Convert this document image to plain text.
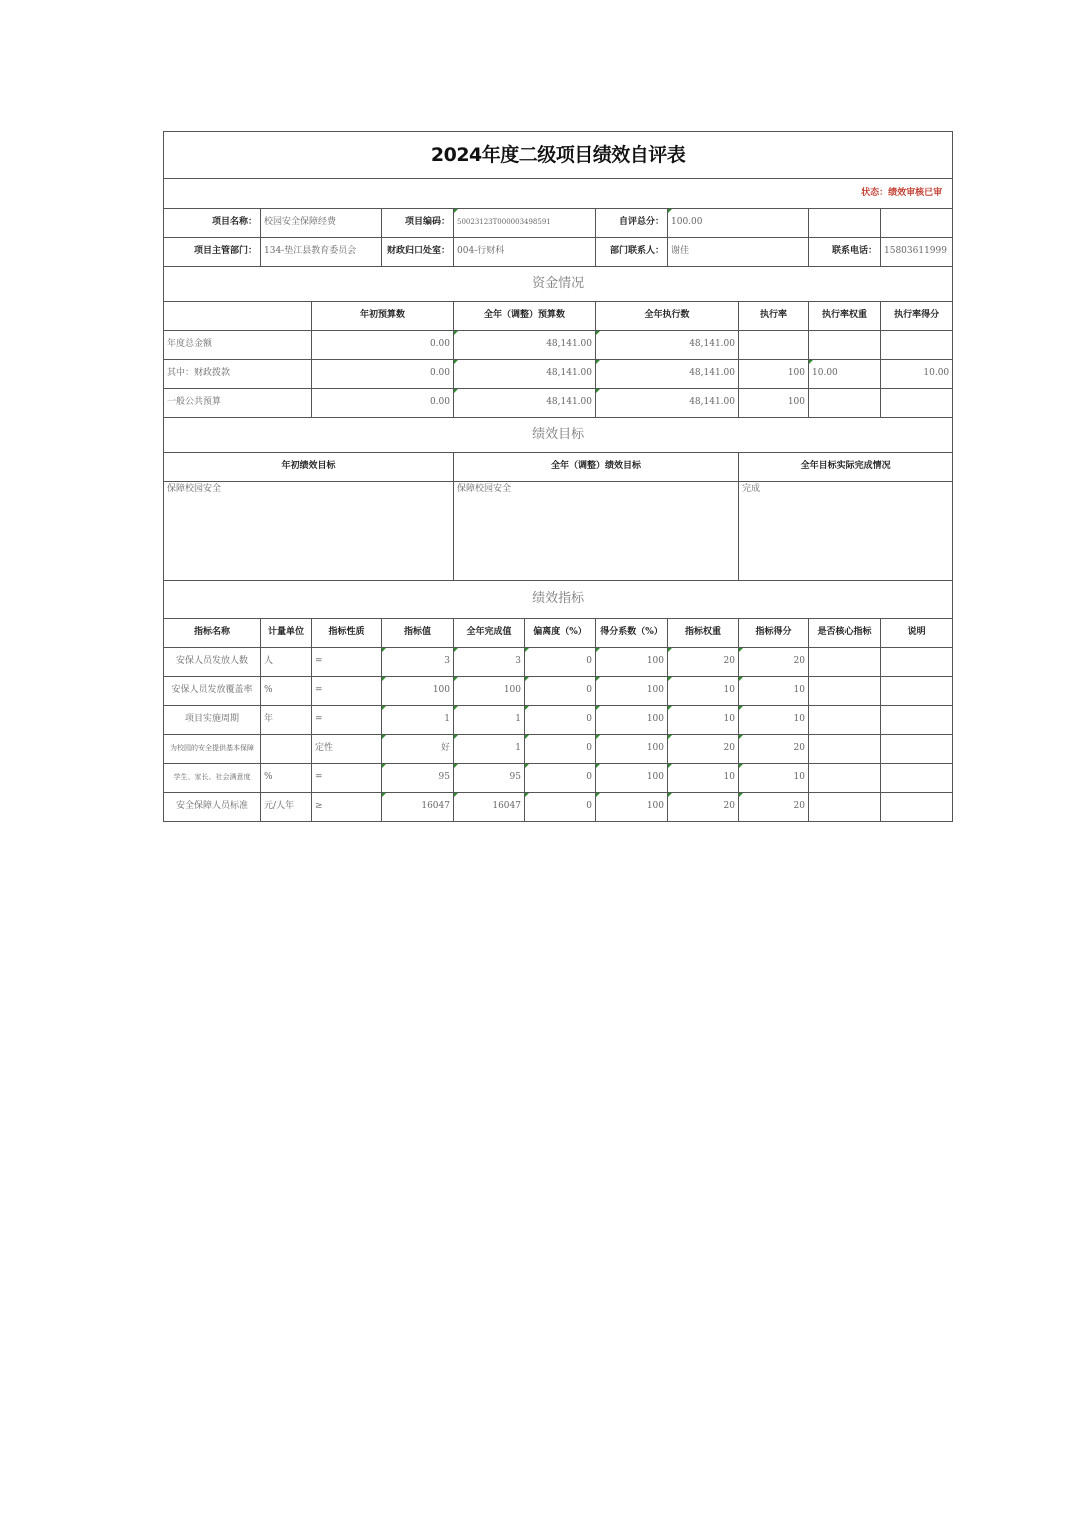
2024年度二级项目绩效自评表										
状态：绩效审核已审										
项目名称：	校园安全保障经费		项目编码：	50023123T000003498591		自评总分：	100.00			
项目主管部门：	134-垫江县教育委员会		财政归口处室：	004-行财科		部门联系人：	谢佳		联系电话：	15803611999
资金情况										
		年初预算数		全年（调整）预算数		全年执行数		执行率	执行率权重	执行率得分
年度总金额		0.00		48,141.00		48,141.00				
其中：财政拨款		0.00		48,141.00		48,141.00		100	10.00	10.00
一般公共预算		0.00		48,141.00		48,141.00		100		
绩效目标										
年初绩效目标				全年（调整）绩效目标				全年目标实际完成情况		
保障校园安全				保障校园安全				完成		
绩效指标										
指标名称	计量单位	指标性质	指标值	全年完成值	偏离度（%）	得分系数（%）	指标权重	指标得分	是否核心指标	说明
安保人员发放人数	人	=	3	3	0	100	20	20		
安保人员发放覆盖率	%	=	100	100	0	100	10	10		
项目实施周期	年	=	1	1	0	100	10	10		
为校园的安全提供基本保障		定性	好	1	0	100	20	20		
学生、家长、社会满意度	%	=	95	95	0	100	10	10		
安全保障人员标准	元/人年	≥	16047	16047	0	100	20	20		
